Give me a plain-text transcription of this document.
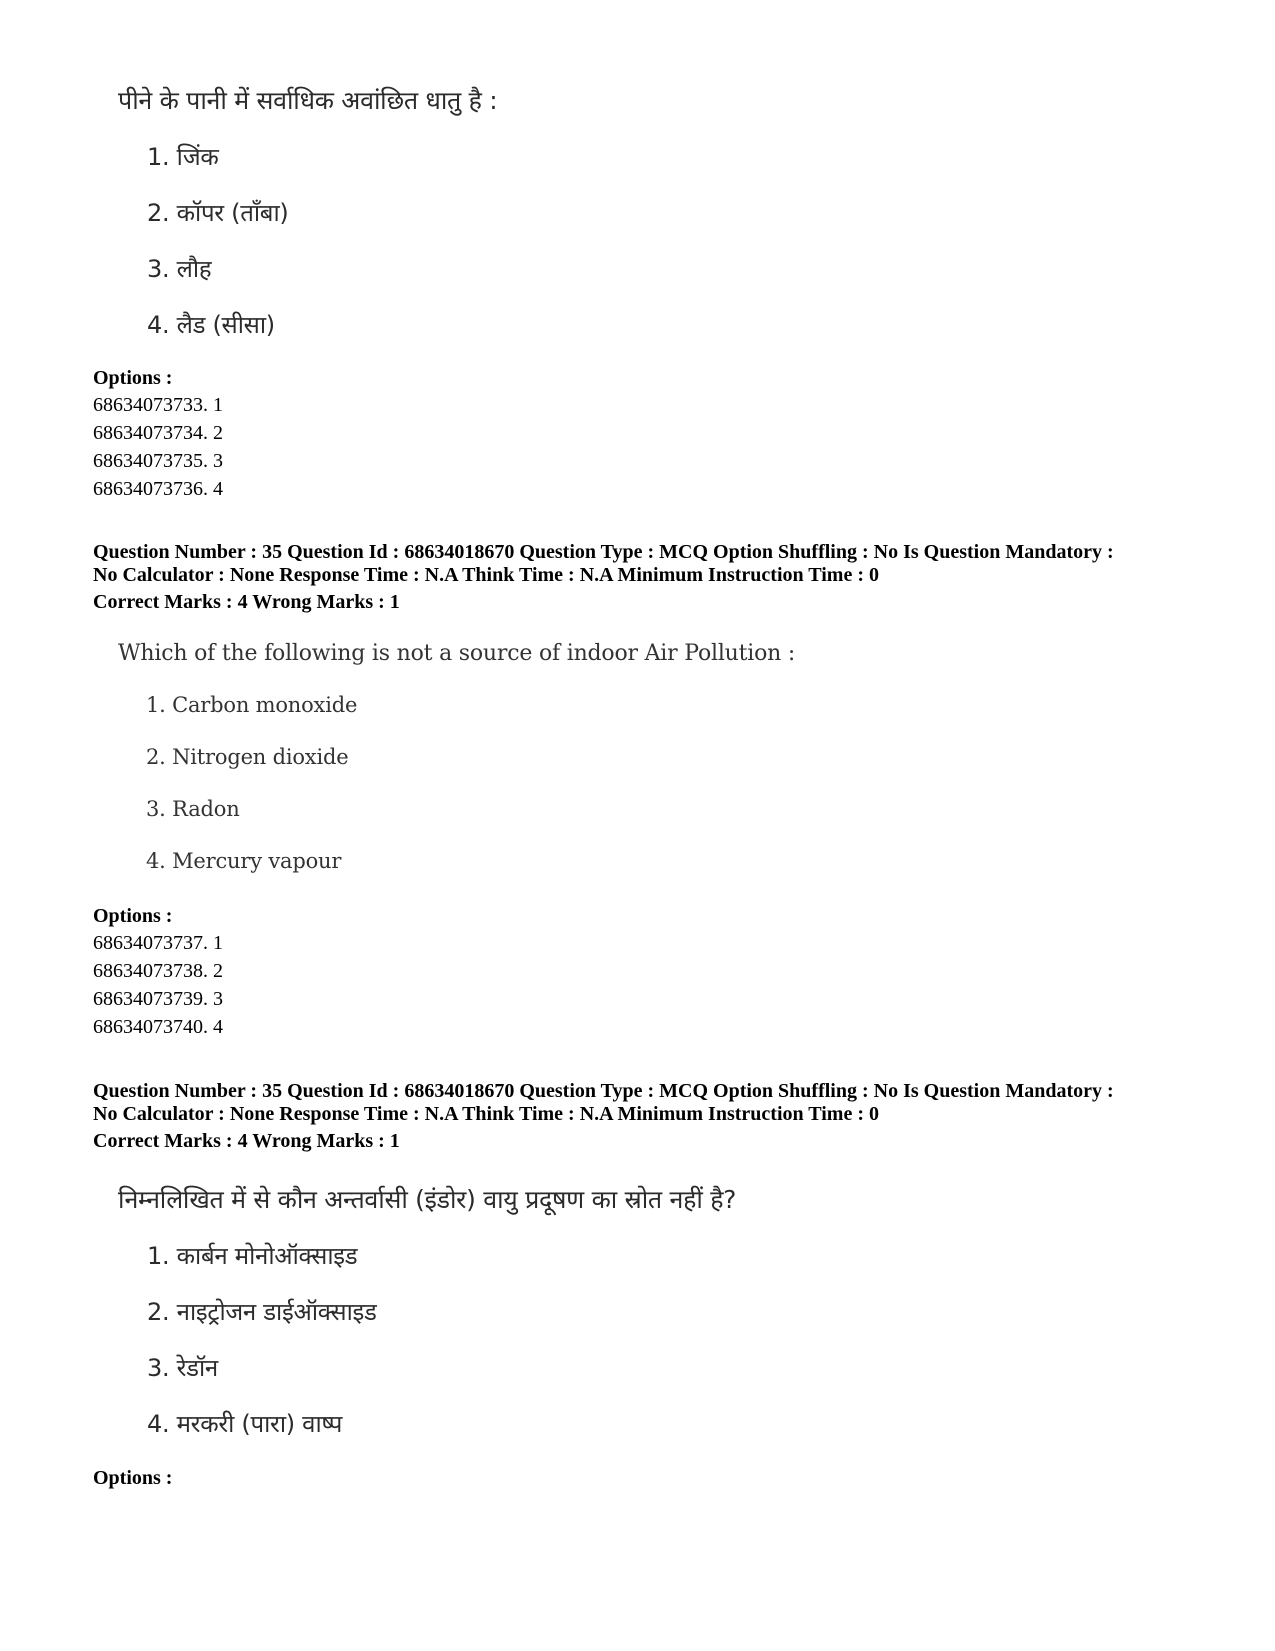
पीने के पानी में सर्वाधिक अवांछित धातु है :

1. जिंक

2. कॉपर (ताँबा)

3. लौह

4. लैड (सीसा)

Options :

68634073733. 1

68634073734. 2

68634073735. 3

68634073736. 4

Question Number : 35 Question Id : 68634018670 Question Type : MCQ Option Shuffling : No Is Question Mandatory :

No Calculator : None Response Time : N.A Think Time : N.A Minimum Instruction Time : 0

Correct Marks : 4 Wrong Marks : 1

Which of the following is not a source of indoor Air Pollution :

1. Carbon monoxide

2. Nitrogen dioxide

3. Radon

4. Mercury vapour

Options :

68634073737. 1

68634073738. 2

68634073739. 3

68634073740. 4

Question Number : 35 Question Id : 68634018670 Question Type : MCQ Option Shuffling : No Is Question Mandatory :

No Calculator : None Response Time : N.A Think Time : N.A Minimum Instruction Time : 0

Correct Marks : 4 Wrong Marks : 1

निम्नलिखित में से कौन अन्तर्वासी (इंडोर) वायु प्रदूषण का स्रोत नहीं है?

1. कार्बन मोनोऑक्साइड

2. नाइट्रोजन डाईऑक्साइड

3. रेडॉन

4. मरकरी (पारा) वाष्प

Options :
